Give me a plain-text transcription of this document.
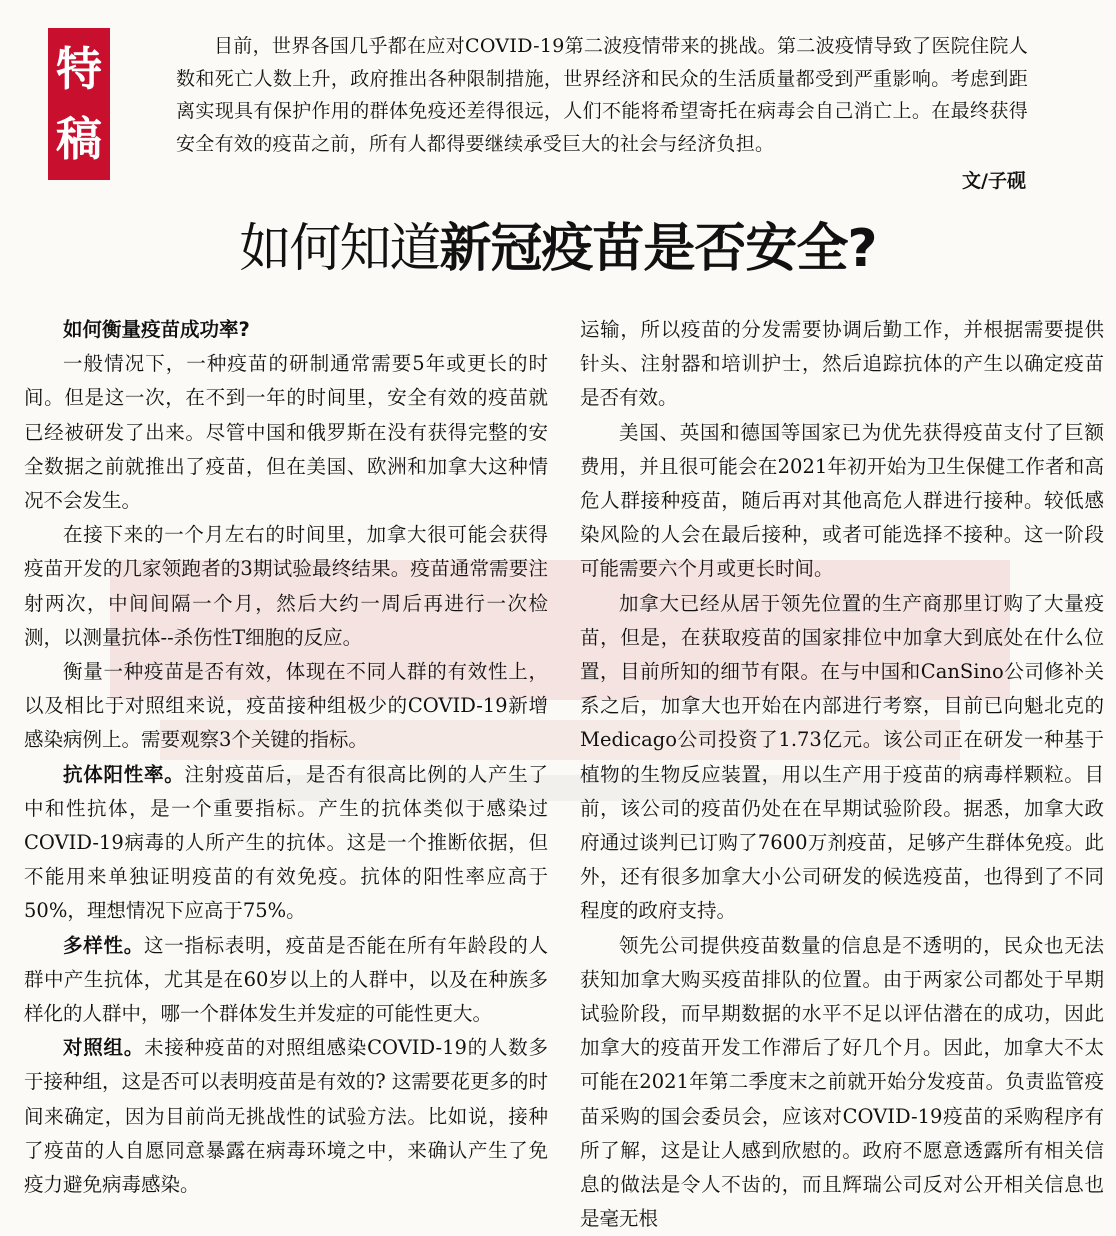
特
稿
目前，世界各国几乎都在应对COVID-19第二波疫情带来的挑战。第二波疫情导致了医院住院人数和死亡人数上升，政府推出各种限制措施，世界经济和民众的生活质量都受到严重影响。考虑到距离实现具有保护作用的群体免疫还差得很远，人们不能将希望寄托在病毒会自己消亡上。在最终获得安全有效的疫苗之前，所有人都得要继续承受巨大的社会与经济负担。
文/子砚
如何知道新冠疫苗是否安全?
如何衡量疫苗成功率?

一般情况下，一种疫苗的研制通常需要5年或更长的时间。但是这一次，在不到一年的时间里，安全有效的疫苗就已经被研发了出来。尽管中国和俄罗斯在没有获得完整的安全数据之前就推出了疫苗，但在美国、欧洲和加拿大这种情况不会发生。

在接下来的一个月左右的时间里，加拿大很可能会获得疫苗开发的几家领跑者的3期试验最终结果。疫苗通常需要注射两次，中间间隔一个月，然后大约一周后再进行一次检测，以测量抗体--杀伤性T细胞的反应。

衡量一种疫苗是否有效，体现在不同人群的有效性上，以及相比于对照组来说，疫苗接种组极少的COVID-19新增感染病例上。需要观察3个关键的指标。

抗体阳性率。注射疫苗后，是否有很高比例的人产生了中和性抗体，是一个重要指标。产生的抗体类似于感染过COVID-19病毒的人所产生的抗体。这是一个推断依据，但不能用来单独证明疫苗的有效免疫。抗体的阳性率应高于50%，理想情况下应高于75%。

多样性。这一指标表明，疫苗是否能在所有年龄段的人群中产生抗体，尤其是在60岁以上的人群中，以及在种族多样化的人群中，哪一个群体发生并发症的可能性更大。

对照组。未接种疫苗的对照组感染COVID-19的人数多于接种组，这是否可以表明疫苗是有效的? 这需要花更多的时间来确定，因为目前尚无挑战性的试验方法。比如说，接种了疫苗的人自愿同意暴露在病毒环境之中，来确认产生了免疫力避免病毒感染。

运输，所以疫苗的分发需要协调后勤工作，并根据需要提供针头、注射器和培训护士，然后追踪抗体的产生以确定疫苗是否有效。

美国、英国和德国等国家已为优先获得疫苗支付了巨额费用，并且很可能会在2021年初开始为卫生保健工作者和高危人群接种疫苗，随后再对其他高危人群进行接种。较低感染风险的人会在最后接种，或者可能选择不接种。这一阶段可能需要六个月或更长时间。

加拿大已经从居于领先位置的生产商那里订购了大量疫苗，但是，在获取疫苗的国家排位中加拿大到底处在什么位置，目前所知的细节有限。在与中国和CanSino公司修补关系之后，加拿大也开始在内部进行考察，目前已向魁北克的Medicago公司投资了1.73亿元。该公司正在研发一种基于植物的生物反应装置，用以生产用于疫苗的病毒样颗粒。目前，该公司的疫苗仍处在在早期试验阶段。据悉，加拿大政府通过谈判已订购了7600万剂疫苗，足够产生群体免疫。此外，还有很多加拿大小公司研发的候选疫苗，也得到了不同程度的政府支持。

领先公司提供疫苗数量的信息是不透明的，民众也无法获知加拿大购买疫苗排队的位置。由于两家公司都处于早期试验阶段，而早期数据的水平不足以评估潜在的成功，因此加拿大的疫苗开发工作滞后了好几个月。因此，加拿大不太可能在2021年第二季度末之前就开始分发疫苗。负责监管疫苗采购的国会委员会，应该对COVID-19疫苗的采购程序有所了解，这是让人感到欣慰的。政府不愿意透露所有相关信息的做法是令人不齿的，而且辉瑞公司反对公开相关信息也是毫无根
